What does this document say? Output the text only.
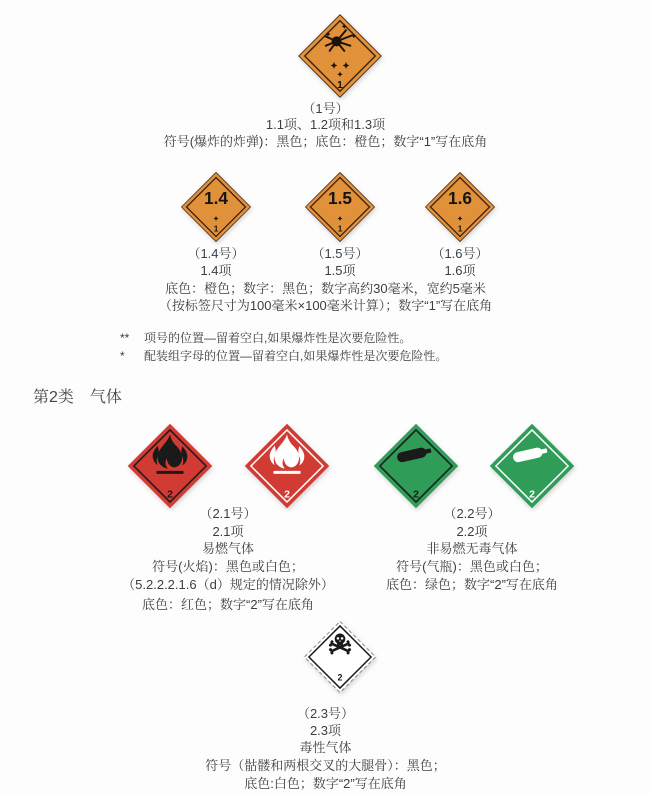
1
（1号）
1.1项、1.2项和1.3项
符号(爆炸的炸弹)：黑色；底色：橙色；数字“1”写在底角
1.4
1
1.5
1
1.6
1
（1.4号）
1.4项
（1.5号）
1.5项
（1.6号）
1.6项
底色：橙色；数字：黑色；数字高约30毫米，宽约5毫米
（按标签尺寸为100毫米×100毫米计算）；数字“1”写在底角
**	项号的位置—留着空白,如果爆炸性是次要危险性。
*	配装组字母的位置—留着空白,如果爆炸性是次要危险性。
第2类　气体
2	2	2	2
（2.1号）
2.1项
易燃气体
符号(火焰)：黑色或白色；
（5.2.2.2.1.6（d）规定的情况除外）
底色：红色；数字“2”写在底角
（2.2号）
2.2项
非易燃无毒气体
符号(气瓶)：黑色或白色；
底色：绿色；数字“2”写在底角
2
（2.3号）
2.3项
毒性气体
符号（骷髅和两根交叉的大腿骨）：黑色；
底色:白色；数字“2”写在底角
